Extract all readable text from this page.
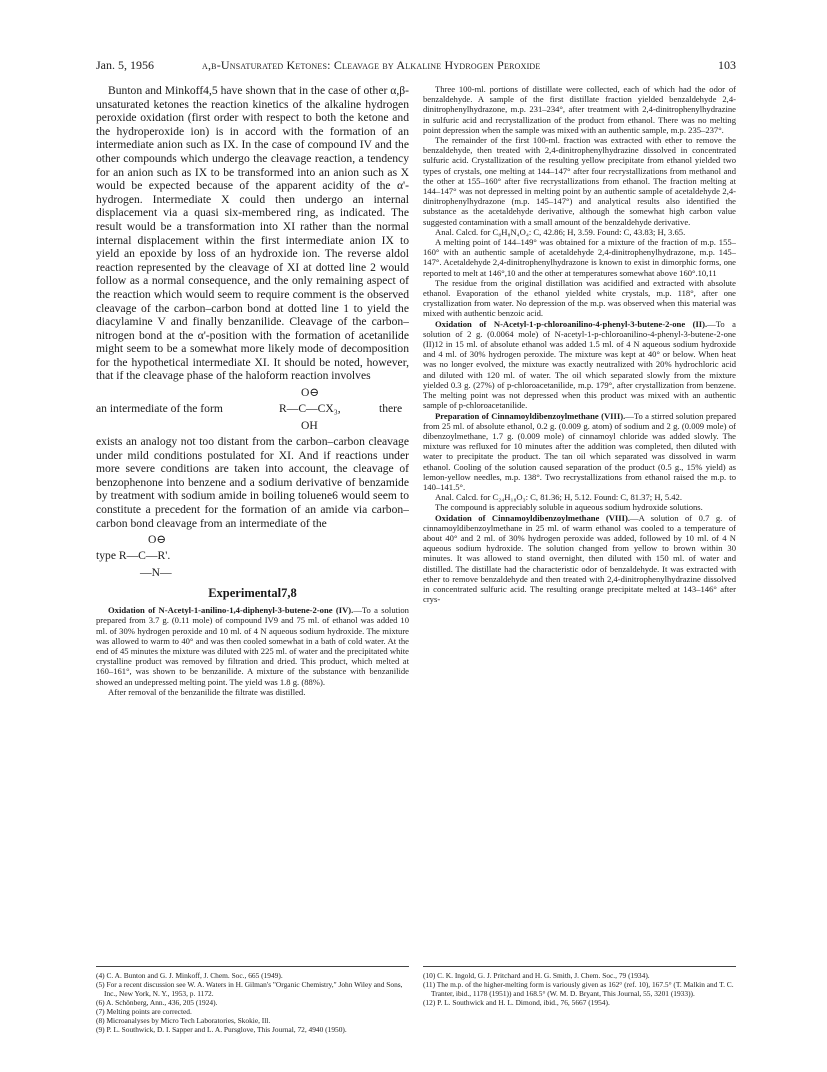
Jan. 5, 1956	α,β-Unsaturated Ketones: Cleavage by Alkaline Hydrogen Peroxide	103

Bunton and Minkoff4,5 have shown that in the case of other α,β-unsaturated ketones the reaction kinetics of the alkaline hydrogen peroxide oxidation (first order with respect to both the ketone and the hydroperoxide ion) is in accord with the formation of an intermediate anion such as IX. In the case of compound IV and the other compounds which undergo the cleavage reaction, a tendency for an anion such as IX to be transformed into an anion such as X would be expected because of the apparent acidity of the α'-hydrogen. Intermediate X could then undergo an internal displacement via a quasi six-membered ring, as indicated. The result would be a transformation into XI rather than the normal internal displacement within the first intermediate anion IX to yield an epoxide by loss of an hydroxide ion. The reverse aldol reaction represented by the cleavage of XI at dotted line 2 would follow as a normal consequence, and the only remaining aspect of the reaction which would seem to require comment is the observed cleavage of the carbon–carbon bond at dotted line 1 to yield the diacylamine V and finally benzanilide. Cleavage of the carbon–nitrogen bond at the α'-position with the formation of acetanilide might seem to be a somewhat more likely mode of decomposition for the hypothetical intermediate XI. It should be noted, however, that if the cleavage phase of the haloform reaction involves

O⊖
an intermediate of the form	R—C—CX₃,	there
OH

exists an analogy not too distant from the carbon–carbon cleavage under mild conditions postulated for XI. And if reactions under more severe conditions are taken into account, the cleavage of benzophenone into benzene and a sodium derivative of benzamide by treatment with sodium amide in boiling toluene6 would seem to constitute a precedent for the formation of an amide via carbon–carbon bond cleavage from an intermediate of the

O⊖
type R—C—R'.
—N—
Experimental7,8

Oxidation of N-Acetyl-1-anilino-1,4-diphenyl-3-butene-2-one (IV).—To a solution prepared from 3.7 g. (0.11 mole) of compound IV9 and 75 ml. of ethanol was added 10 ml. of 30% hydrogen peroxide and 10 ml. of 4 N aqueous sodium hydroxide. The mixture was allowed to warm to 40° and was then cooled somewhat in a bath of cold water. At the end of 45 minutes the mixture was diluted with 225 ml. of water and the precipitated white crystalline product was removed by filtration and dried. This product, which melted at 160–161°, was shown to be benzanilide. A mixture of the substance with benzanilide showed an undepressed melting point. The yield was 1.8 g. (88%).

After removal of the benzanilide the filtrate was distilled.

Three 100-ml. portions of distillate were collected, each of which had the odor of benzaldehyde. A sample of the first distillate fraction yielded benzaldehyde 2,4-dinitrophenylhydrazone, m.p. 231–234°, after treatment with 2,4-dinitrophenylhydrazine in sulfuric acid and recrystallization of the product from ethanol. There was no melting point depression when the sample was mixed with an authentic sample, m.p. 235–237°.

The remainder of the first 100-ml. fraction was extracted with ether to remove the benzaldehyde, then treated with 2,4-dinitrophenylhydrazine dissolved in concentrated sulfuric acid. Crystallization of the resulting yellow precipitate from ethanol yielded two types of crystals, one melting at 144–147° after four recrystallizations from methanol and the other at 155–160° after five recrystallizations from ethanol. The fraction melting at 144–147° was not depressed in melting point by an authentic sample of acetaldehyde 2,4-dinitrophenylhydrazone (m.p. 145–147°) and analytical results also identified the substance as the acetaldehyde derivative, although the somewhat high carbon value suggested contamination with a small amount of the benzaldehyde derivative.

Anal. Calcd. for C₈H₈N₄O₄: C, 42.86; H, 3.59. Found: C, 43.83; H, 3.65.

A melting point of 144–149° was obtained for a mixture of the fraction of m.p. 155–160° with an authentic sample of acetaldehyde 2,4-dinitrophenylhydrazone, m.p. 145–147°. Acetaldehyde 2,4-dinitrophenylhydrazone is known to exist in dimorphic forms, one reported to melt at 146°,10 and the other at temperatures somewhat above 160°.10,11

The residue from the original distillation was acidified and extracted with absolute ethanol. Evaporation of the ethanol yielded white crystals, m.p. 118°, after one crystallization from water. No depression of the m.p. was observed when this material was mixed with authentic benzoic acid.

Oxidation of N-Acetyl-1-p-chloroanilino-4-phenyl-3-butene-2-one (II).—To a solution of 2 g. (0.0064 mole) of N-acetyl-1-p-chloroanilino-4-phenyl-3-butene-2-one (II)12 in 15 ml. of absolute ethanol was added 1.5 ml. of 4 N aqueous sodium hydroxide and 4 ml. of 30% hydrogen peroxide. The mixture was kept at 40° or below. When heat was no longer evolved, the mixture was exactly neutralized with 20% hydrochloric acid and diluted with 120 ml. of water. The oil which separated slowly from the mixture yielded 0.3 g. (27%) of p-chloroacetanilide, m.p. 179°, after crystallization from benzene. The melting point was not depressed when this product was mixed with an authentic sample of p-chloroacetanilide.

Preparation of Cinnamoyldibenzoylmethane (VIII).—To a stirred solution prepared from 25 ml. of absolute ethanol, 0.2 g. (0.009 g. atom) of sodium and 2 g. (0.009 mole) of dibenzoylmethane, 1.7 g. (0.009 mole) of cinnamoyl chloride was added slowly. The mixture was refluxed for 10 minutes after the addition was completed, then diluted with water to precipitate the product. The tan oil which separated was dissolved in warm ethanol. Cooling of the solution caused separation of the product (0.5 g., 15% yield) as lemon-yellow needles, m.p. 138°. Two recrystallizations from ethanol raised the m.p. to 140–141.5°.

Anal. Calcd. for C₂₄H₁₈O₃: C, 81.36; H, 5.12. Found: C, 81.37; H, 5.42.

The compound is appreciably soluble in aqueous sodium hydroxide solutions.

Oxidation of Cinnamoyldibenzoylmethane (VIII).—A solution of 0.7 g. of cinnamoyldibenzoylmethane in 25 ml. of warm ethanol was cooled to a temperature of about 40° and 2 ml. of 30% hydrogen peroxide was added, followed by 10 ml. of 4 N aqueous sodium hydroxide. The solution changed from yellow to brown within 30 minutes. It was allowed to stand overnight, then diluted with 150 ml. of water and distilled. The distillate had the characteristic odor of benzaldehyde. It was extracted with ether to remove benzaldehyde and then treated with 2,4-dinitrophenylhydrazine dissolved in concentrated sulfuric acid. The resulting orange precipitate melted at 143–146° after crys-

(4) C. A. Bunton and G. J. Minkoff, J. Chem. Soc., 665 (1949).

(5) For a recent discussion see W. A. Waters in H. Gilman's "Organic Chemistry," John Wiley and Sons, Inc., New York, N. Y., 1953, p. 1172.

(6) A. Schönberg, Ann., 436, 205 (1924).

(7) Melting points are corrected.

(8) Microanalyses by Micro Tech Laboratories, Skokie, Ill.

(9) P. L. Southwick, D. I. Sapper and L. A. Pursglove, This Journal, 72, 4940 (1950).

(10) C. K. Ingold, G. J. Pritchard and H. G. Smith, J. Chem. Soc., 79 (1934).

(11) The m.p. of the higher-melting form is variously given as 162° (ref. 10), 167.5° (T. Malkin and T. C. Tranter, ibid., 1178 (1951)) and 168.5° (W. M. D. Bryant, This Journal, 55, 3201 (1933)).

(12) P. L. Southwick and H. L. Dimond, ibid., 76, 5667 (1954).
